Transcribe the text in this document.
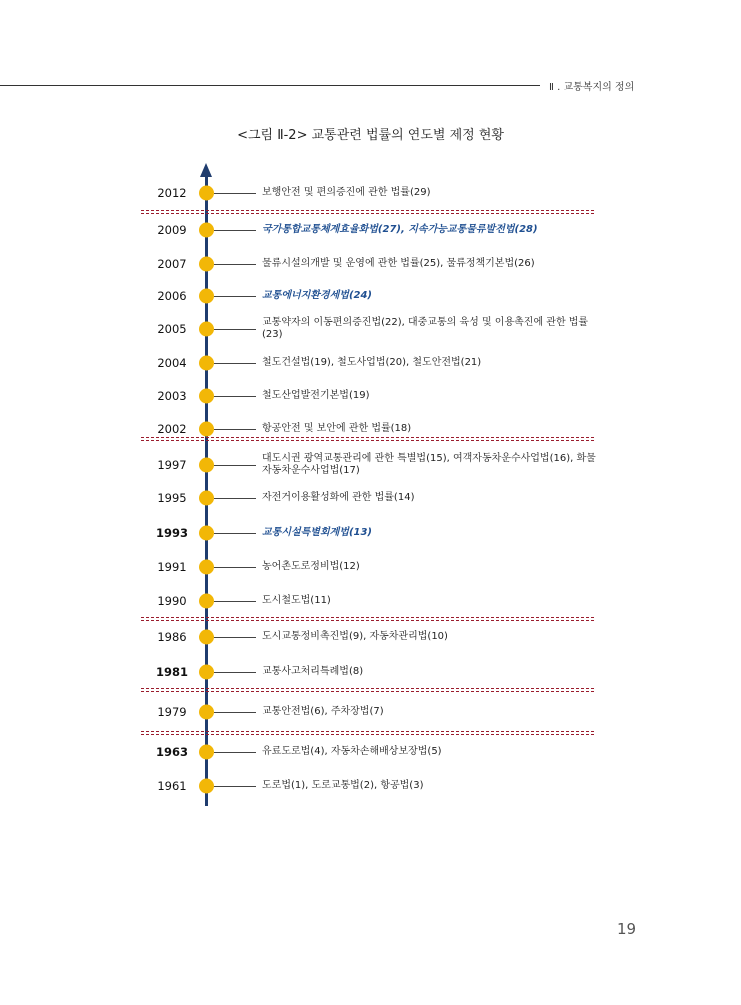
Ⅱ . 교통복지의 정의
<그림 Ⅱ-2> 교통관련 법률의 연도별 제정 현황
2012	보행안전 및 편의증진에 관한 법률(29)
2009	국가통합교통체계효율화법(27), 지속가능교통물류발전법(28)
2007	물류시설의개발 및 운영에 관한 법률(25), 물류정책기본법(26)
2006	교통에너지환경세법(24)
2005	교통약자의 이동편의증진법(22), 대중교통의 육성 및 이용촉진에 관한 법률(23)
2004	철도건설법(19), 철도사업법(20), 철도안전법(21)
2003	철도산업발전기본법(19)
2002	항공안전 및 보안에 관한 법률(18)
1997	대도시권 광역교통관리에 관한 특별법(15), 여객자동차운수사업법(16), 화물자동차운수사업법(17)
1995	자전거이용활성화에 관한 법률(14)
1993	교통시설특별회계법(13)
1991	농어촌도로정비법(12)
1990	도시철도법(11)
1986	도시교통정비촉진법(9), 자동차관리법(10)
1981	교통사고처리특례법(8)
1979	교통안전법(6), 주차장법(7)
1963	유료도로법(4), 자동차손해배상보장법(5)
1961	도로법(1), 도로교통법(2), 항공법(3)
19
